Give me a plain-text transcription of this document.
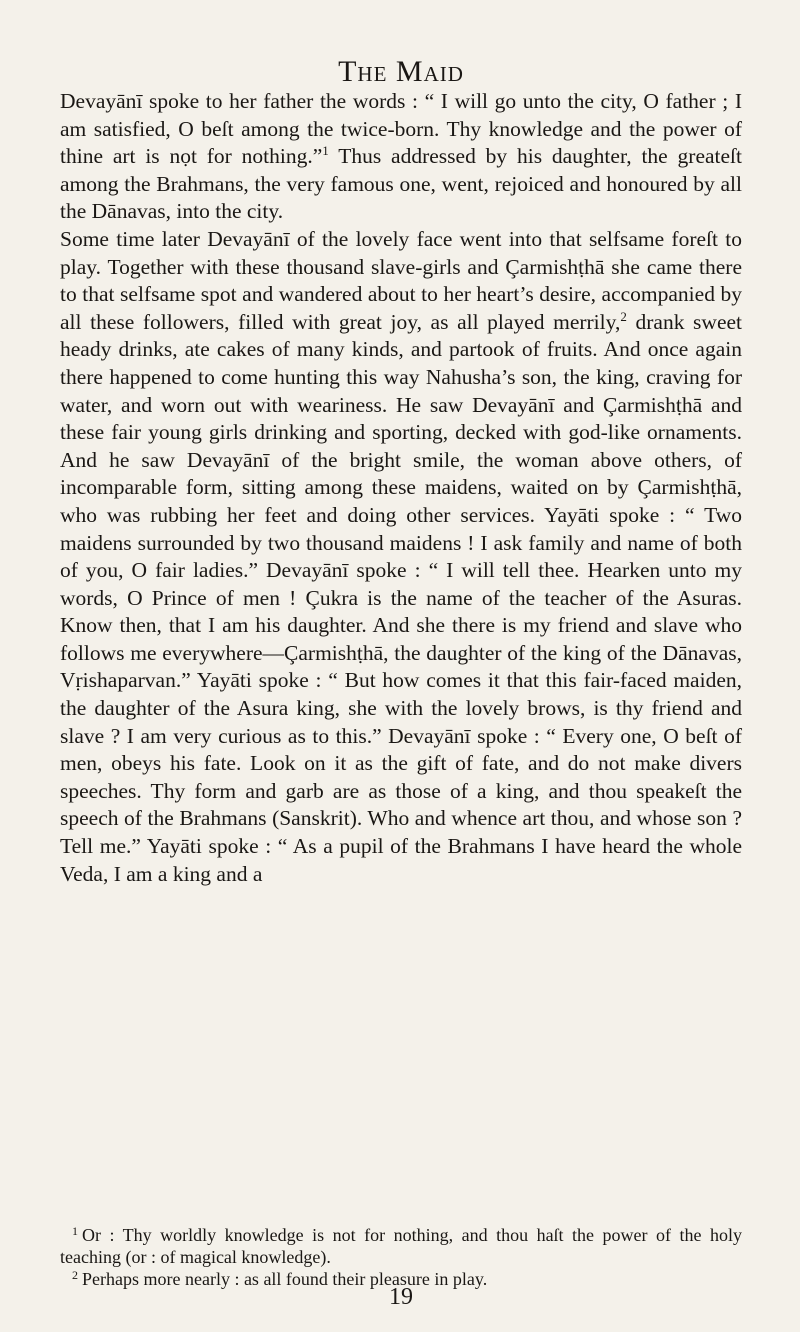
The Maid

Devayānī spoke to her father the words : “ I will go unto the city, O father ; I am satisfied, O beſt among the twice-born. Thy knowledge and the power of thine art is nọt for nothing.”$^1$ Thus addressed by his daughter, the greateſt among the Brahmans, the very famous one, went, rejoiced and honoured by all the Dānavas, into the city.

Some time later Devayānī of the lovely face went into that selfsame foreſt to play. Together with these thousand slave-girls and Çarmishṭhā she came there to that selfsame spot and wandered about to her heart’s desire, accompanied by all these followers, filled with great joy, as all played merrily,$^2$ drank sweet heady drinks, ate cakes of many kinds, and partook of fruits. And once again there happened to come hunting this way Nahusha’s son, the king, craving for water, and worn out with weariness. He saw Devayānī and Çarmishṭhā and these fair young girls drinking and sporting, decked with god-like ornaments. And he saw Devayānī of the bright smile, the woman above others, of incomparable form, sitting among these maidens, waited on by Çarmishṭhā, who was rubbing her feet and doing other services. Yayāti spoke : “ Two maidens surrounded by two thousand maidens ! I ask family and name of both of you, O fair ladies.” Devayānī spoke : “ I will tell thee. Hearken unto my words, O Prince of men ! Çukra is the name of the teacher of the Asuras. Know then, that I am his daughter. And she there is my friend and slave who follows me everywhere—Çarmishṭhā, the daughter of the king of the Dānavas, Vṛishaparvan.” Yayāti spoke : “ But how comes it that this fair-faced maiden, the daughter of the Asura king, she with the lovely brows, is thy friend and slave ? I am very curious as to this.” Devayānī spoke : “ Every one, O beſt of men, obeys his fate. Look on it as the gift of fate, and do not make divers speeches. Thy form and garb are as those of a king, and thou speakeſt the speech of the Brahmans (Sanskrit). Who and whence art thou, and whose son ? Tell me.” Yayāti spoke : “ As a pupil of the Brahmans I have heard the whole Veda, I am a king and a

$^1$ Or : Thy worldly knowledge is not for nothing, and thou haſt the power of the holy teaching (or : of magical knowledge).

$^2$ Perhaps more nearly : as all found their pleasure in play.

19
